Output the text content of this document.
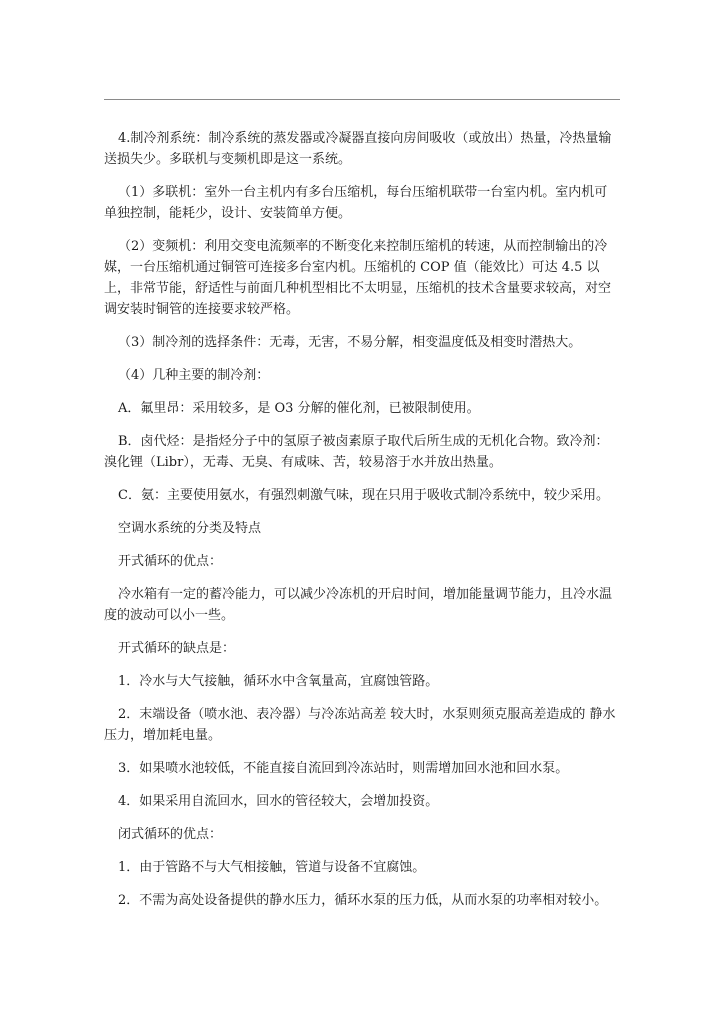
4.制冷剂系统：制冷系统的蒸发器或冷凝器直接向房间吸收（或放出）热量，冷热量输送损失少。多联机与变频机即是这一系统。

（1）多联机：室外一台主机内有多台压缩机，每台压缩机联带一台室内机。室内机可单独控制，能耗少，设计、安装简单方便。

（2）变频机：利用交变电流频率的不断变化来控制压缩机的转速，从而控制输出的冷媒，一台压缩机通过铜管可连接多台室内机。压缩机的 COP 值（能效比）可达 4.5 以上，非常节能，舒适性与前面几种机型相比不太明显，压缩机的技术含量要求较高，对空调安装时铜管的连接要求较严格。

（3）制冷剂的选择条件：无毒，无害，不易分解，相变温度低及相变时潜热大。

（4）几种主要的制冷剂：

A．氟里昂：采用较多，是 O3 分解的催化剂，已被限制使用。

B．卤代烃：是指烃分子中的氢原子被卤素原子取代后所生成的无机化合物。致冷剂：溴化锂（Libr），无毒、无臭、有咸味、苦，较易溶于水并放出热量。

C．氨：主要使用氨水，有强烈刺激气味，现在只用于吸收式制冷系统中，较少采用。

空调水系统的分类及特点

开式循环的优点：

冷水箱有一定的蓄冷能力，可以减少冷冻机的开启时间，增加能量调节能力，且冷水温度的波动可以小一些。

开式循环的缺点是：

1．冷水与大气接触，循环水中含氧量高，宜腐蚀管路。

2．末端设备（喷水池、表冷器）与冷冻站高差 较大时，水泵则须克服高差造成的 静水压力，增加耗电量。

3．如果喷水池较低，不能直接自流回到冷冻站时，则需增加回水池和回水泵。

4．如果采用自流回水，回水的管径较大，会增加投资。

闭式循环的优点：

1．由于管路不与大气相接触，管道与设备不宜腐蚀。

2．不需为高处设备提供的静水压力，循环水泵的压力低，从而水泵的功率相对较小。
